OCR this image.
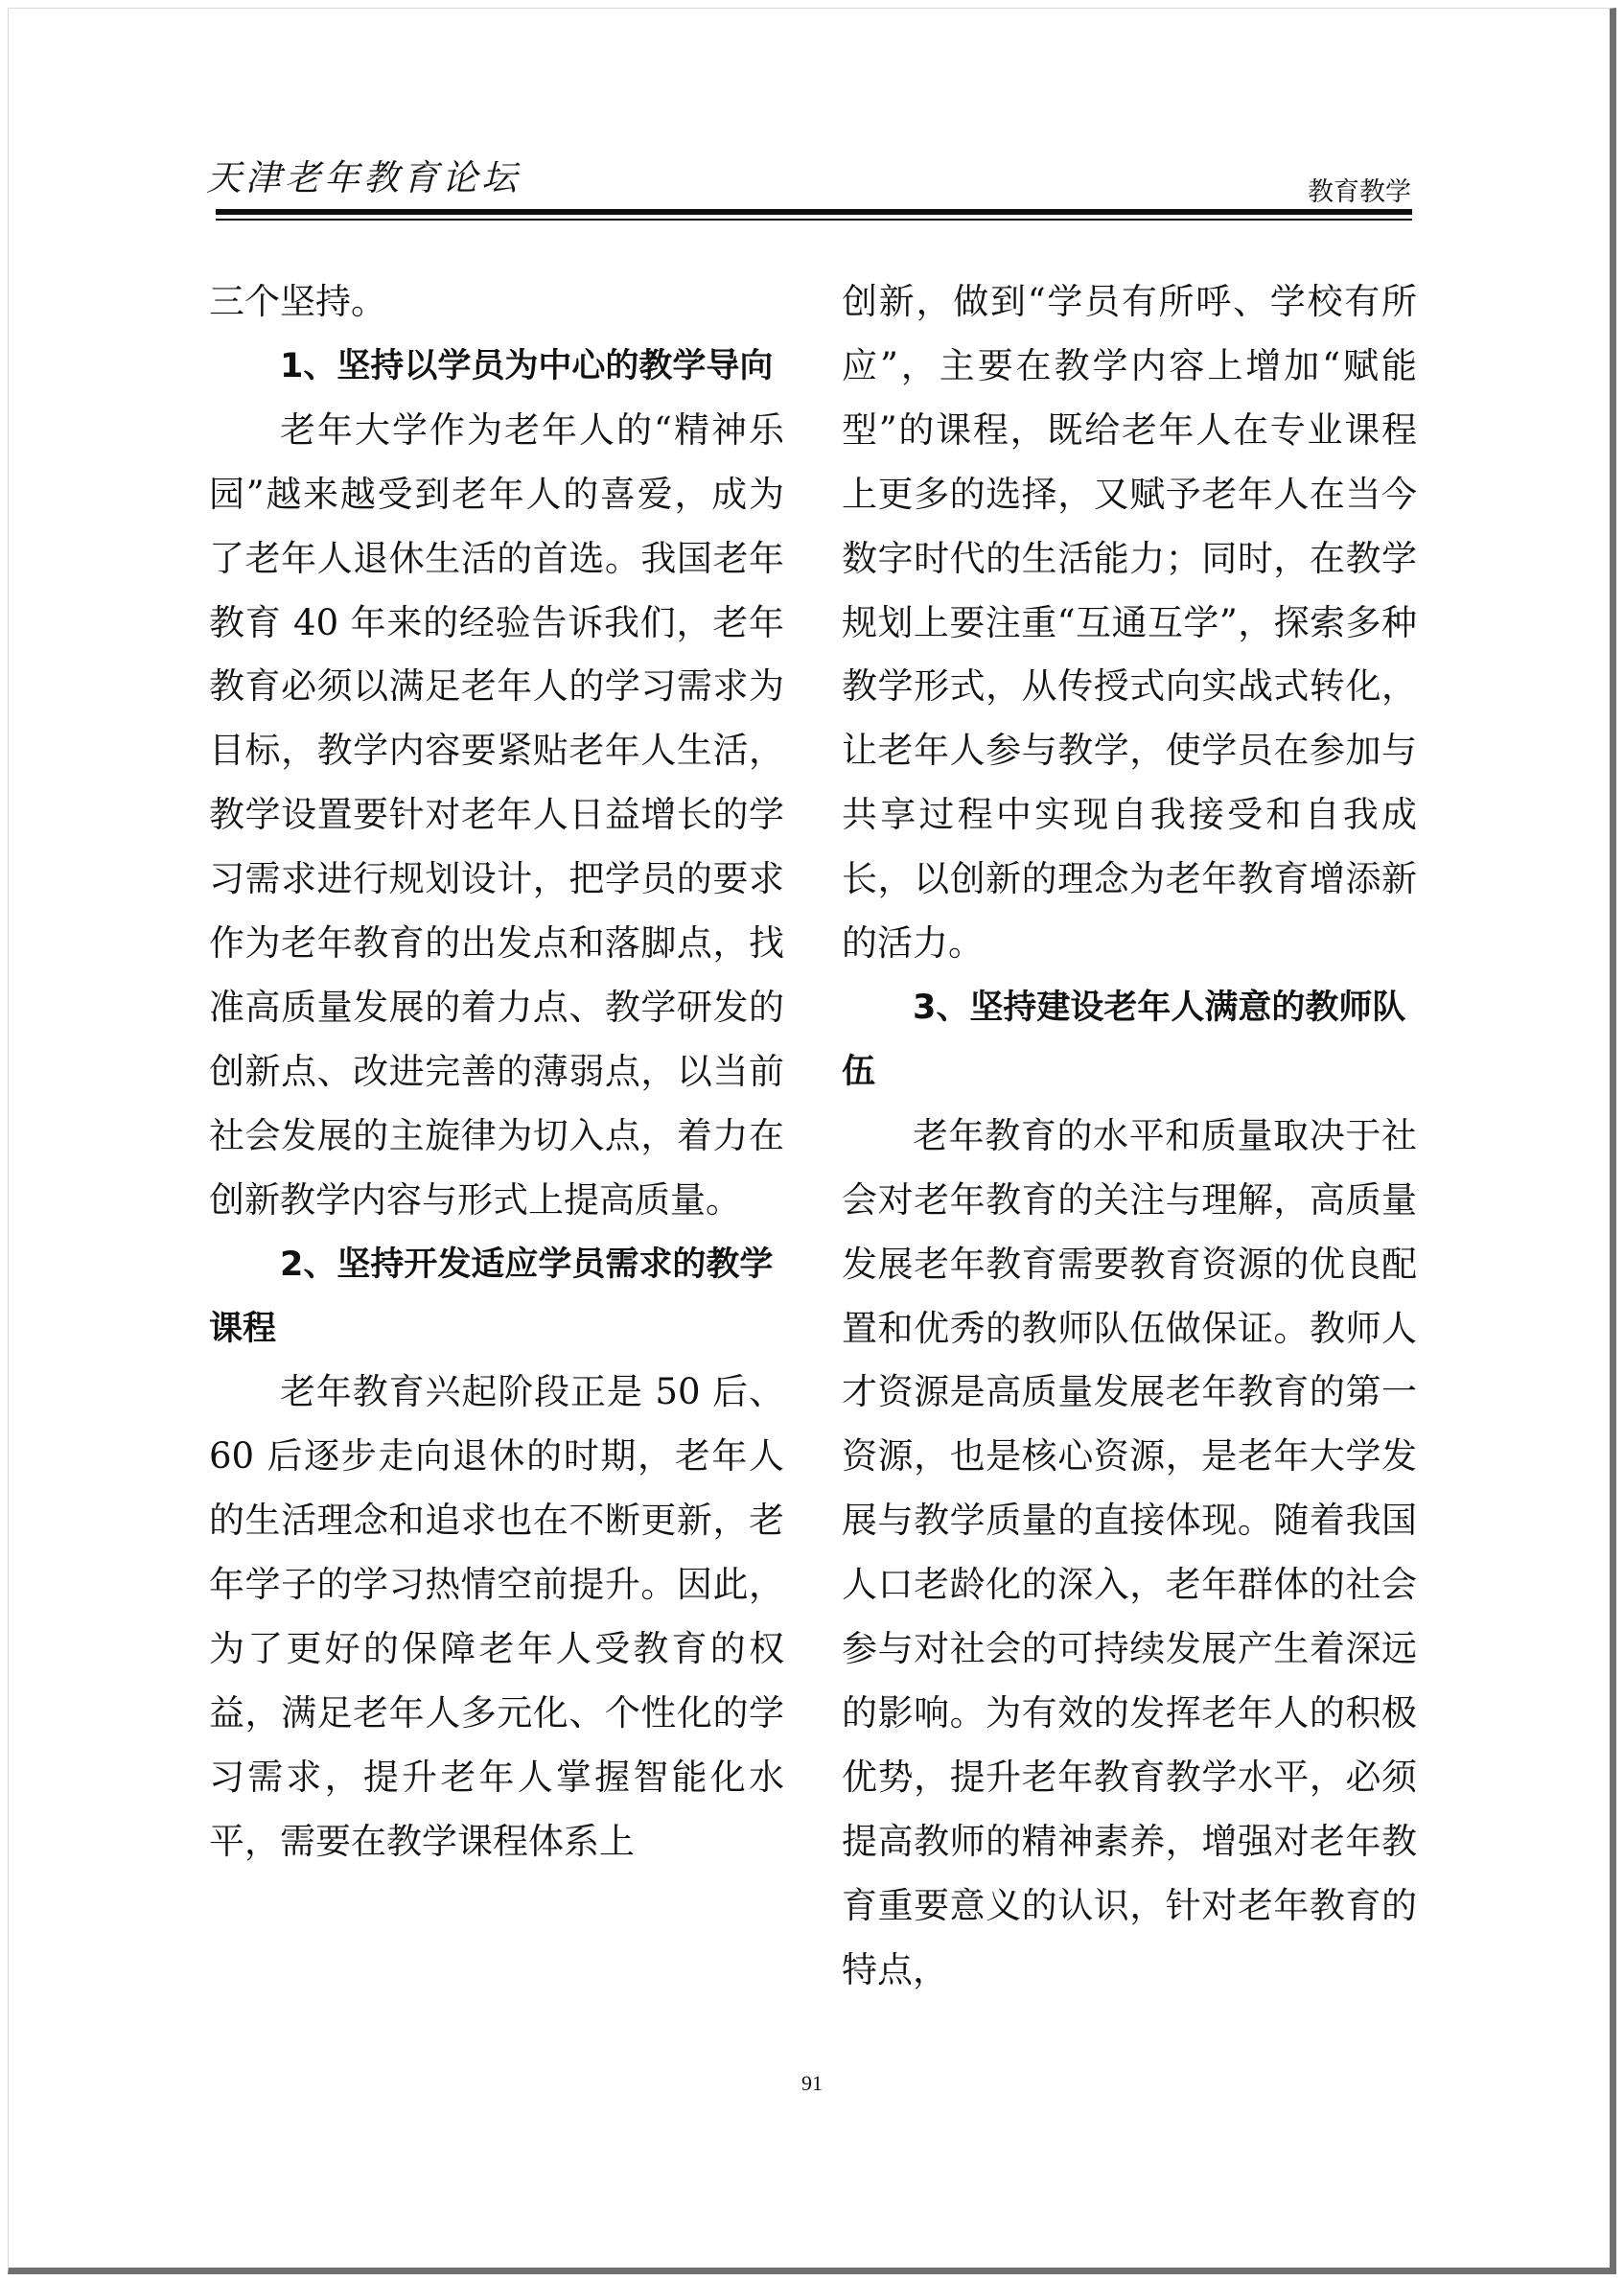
天津老年教育论坛	教育教学

三个坚持。

1、坚持以学员为中心的教学导向

老年大学作为老年人的“精神乐园”越来越受到老年人的喜爱，成为了老年人退休生活的首选。我国老年教育 40 年来的经验告诉我们，老年教育必须以满足老年人的学习需求为目标，教学内容要紧贴老年人生活，教学设置要针对老年人日益增长的学习需求进行规划设计，把学员的要求作为老年教育的出发点和落脚点，找准高质量发展的着力点、教学研发的创新点、改进完善的薄弱点，以当前社会发展的主旋律为切入点，着力在创新教学内容与形式上提高质量。

2、坚持开发适应学员需求的教学课程

老年教育兴起阶段正是 50 后、60 后逐步走向退休的时期，老年人的生活理念和追求也在不断更新，老年学子的学习热情空前提升。因此，为了更好的保障老年人受教育的权益，满足老年人多元化、个性化的学习需求，提升老年人掌握智能化水平，需要在教学课程体系上

创新，做到“学员有所呼、学校有所应”，主要在教学内容上增加“赋能型”的课程，既给老年人在专业课程上更多的选择，又赋予老年人在当今数字时代的生活能力；同时，在教学规划上要注重“互通互学”，探索多种教学形式，从传授式向实战式转化，让老年人参与教学，使学员在参加与共享过程中实现自我接受和自我成长，以创新的理念为老年教育增添新的活力。

3、坚持建设老年人满意的教师队伍

老年教育的水平和质量取决于社会对老年教育的关注与理解，高质量发展老年教育需要教育资源的优良配置和优秀的教师队伍做保证。教师人才资源是高质量发展老年教育的第一资源，也是核心资源，是老年大学发展与教学质量的直接体现。随着我国人口老龄化的深入，老年群体的社会参与对社会的可持续发展产生着深远的影响。为有效的发挥老年人的积极优势，提升老年教育教学水平，必须提高教师的精神素养，增强对老年教育重要意义的认识，针对老年教育的特点，

91
